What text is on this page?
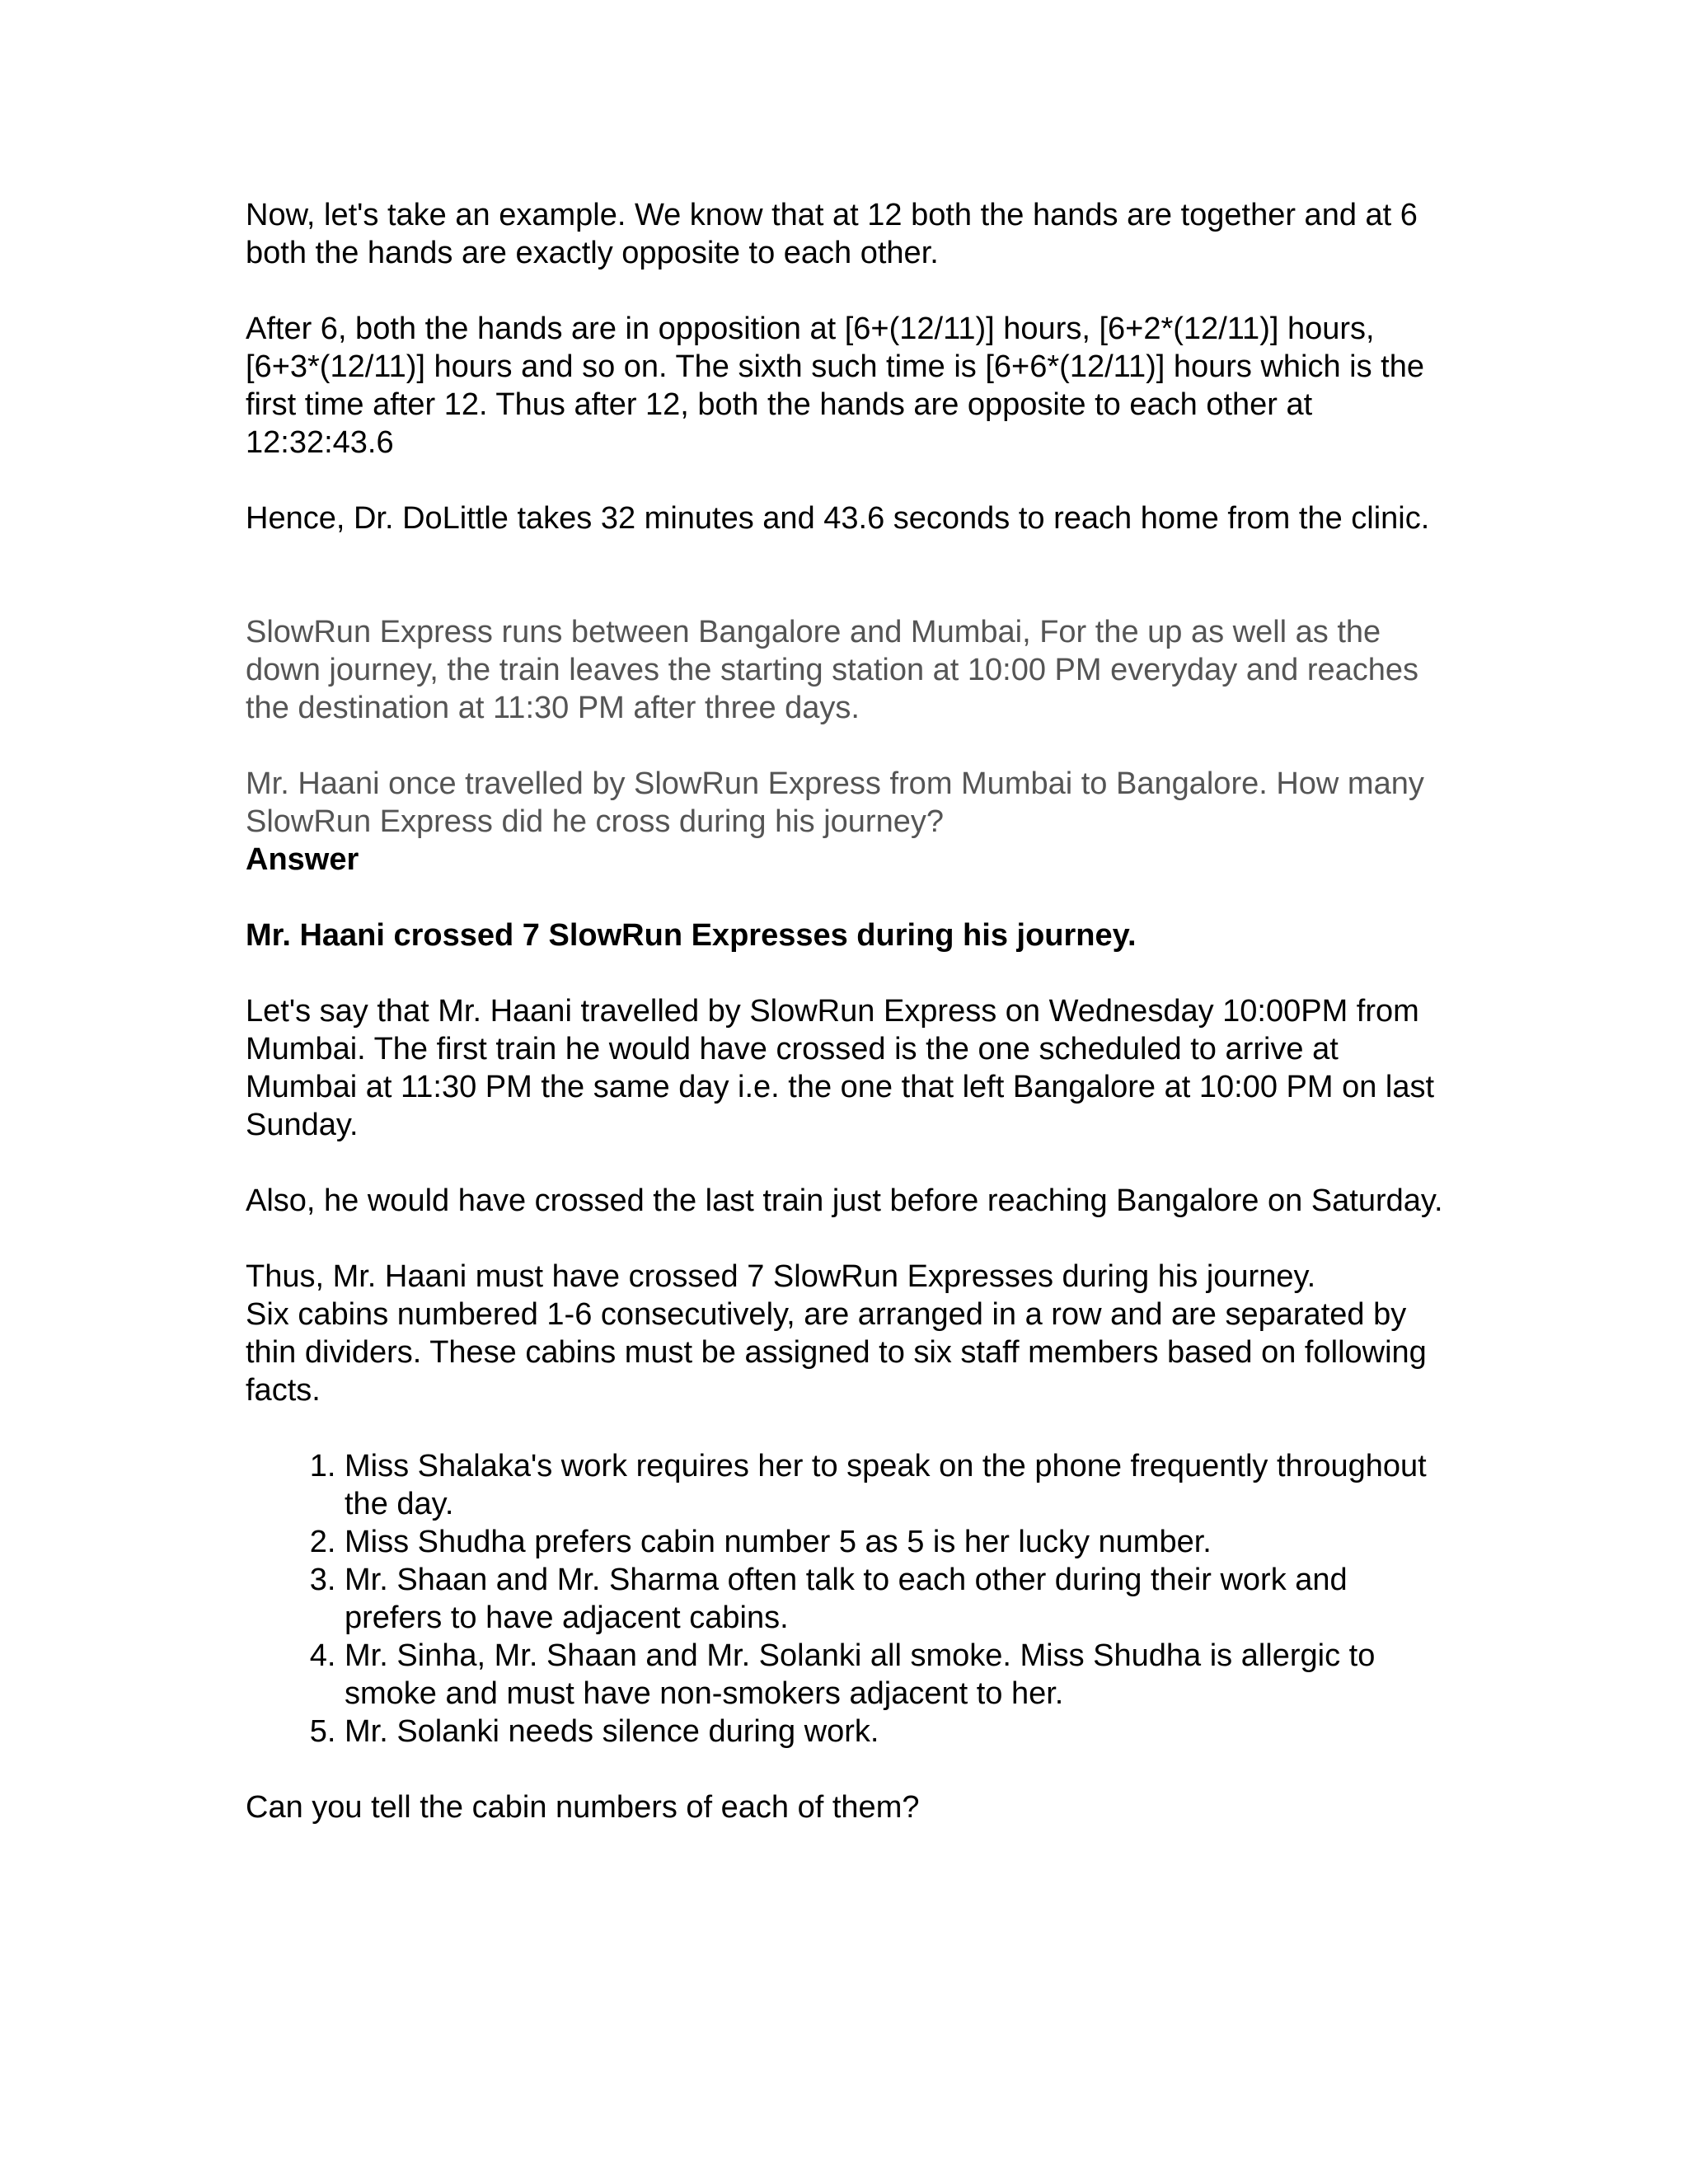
Now, let's take an example. We know that at 12 both the hands are together and at 6 both the hands are exactly opposite to each other.

After 6, both the hands are in opposition at [6+(12/11)] hours, [6+2*(12/11)] hours, [6+3*(12/11)] hours and so on. The sixth such time is [6+6*(12/11)] hours which is the first time after 12. Thus after 12, both the hands are opposite to each other at 12:32:43.6

Hence, Dr. DoLittle takes 32 minutes and 43.6 seconds to reach home from the clinic.

SlowRun Express runs between Bangalore and Mumbai, For the up as well as the down journey, the train leaves the starting station at 10:00 PM everyday and reaches the destination at 11:30 PM after three days.

Mr. Haani once travelled by SlowRun Express from Mumbai to Bangalore. How many SlowRun Express did he cross during his journey?

Answer

Mr. Haani crossed 7 SlowRun Expresses during his journey.

Let's say that Mr. Haani travelled by SlowRun Express on Wednesday 10:00PM from Mumbai. The first train he would have crossed is the one scheduled to arrive at Mumbai at 11:30 PM the same day i.e. the one that left Bangalore at 10:00 PM on last Sunday.

Also, he would have crossed the last train just before reaching Bangalore on Saturday.

Thus, Mr. Haani must have crossed 7 SlowRun Expresses during his journey.

Six cabins numbered 1-6 consecutively, are arranged in a row and are separated by thin dividers. These cabins must be assigned to six staff members based on following facts.

1. Miss Shalaka's work requires her to speak on the phone frequently throughout the day.
2. Miss Shudha prefers cabin number 5 as 5 is her lucky number.
3. Mr. Shaan and Mr. Sharma often talk to each other during their work and prefers to have adjacent cabins.
4. Mr. Sinha, Mr. Shaan and Mr. Solanki all smoke. Miss Shudha is allergic to smoke and must have non-smokers adjacent to her.
5. Mr. Solanki needs silence during work.

Can you tell the cabin numbers of each of them?
